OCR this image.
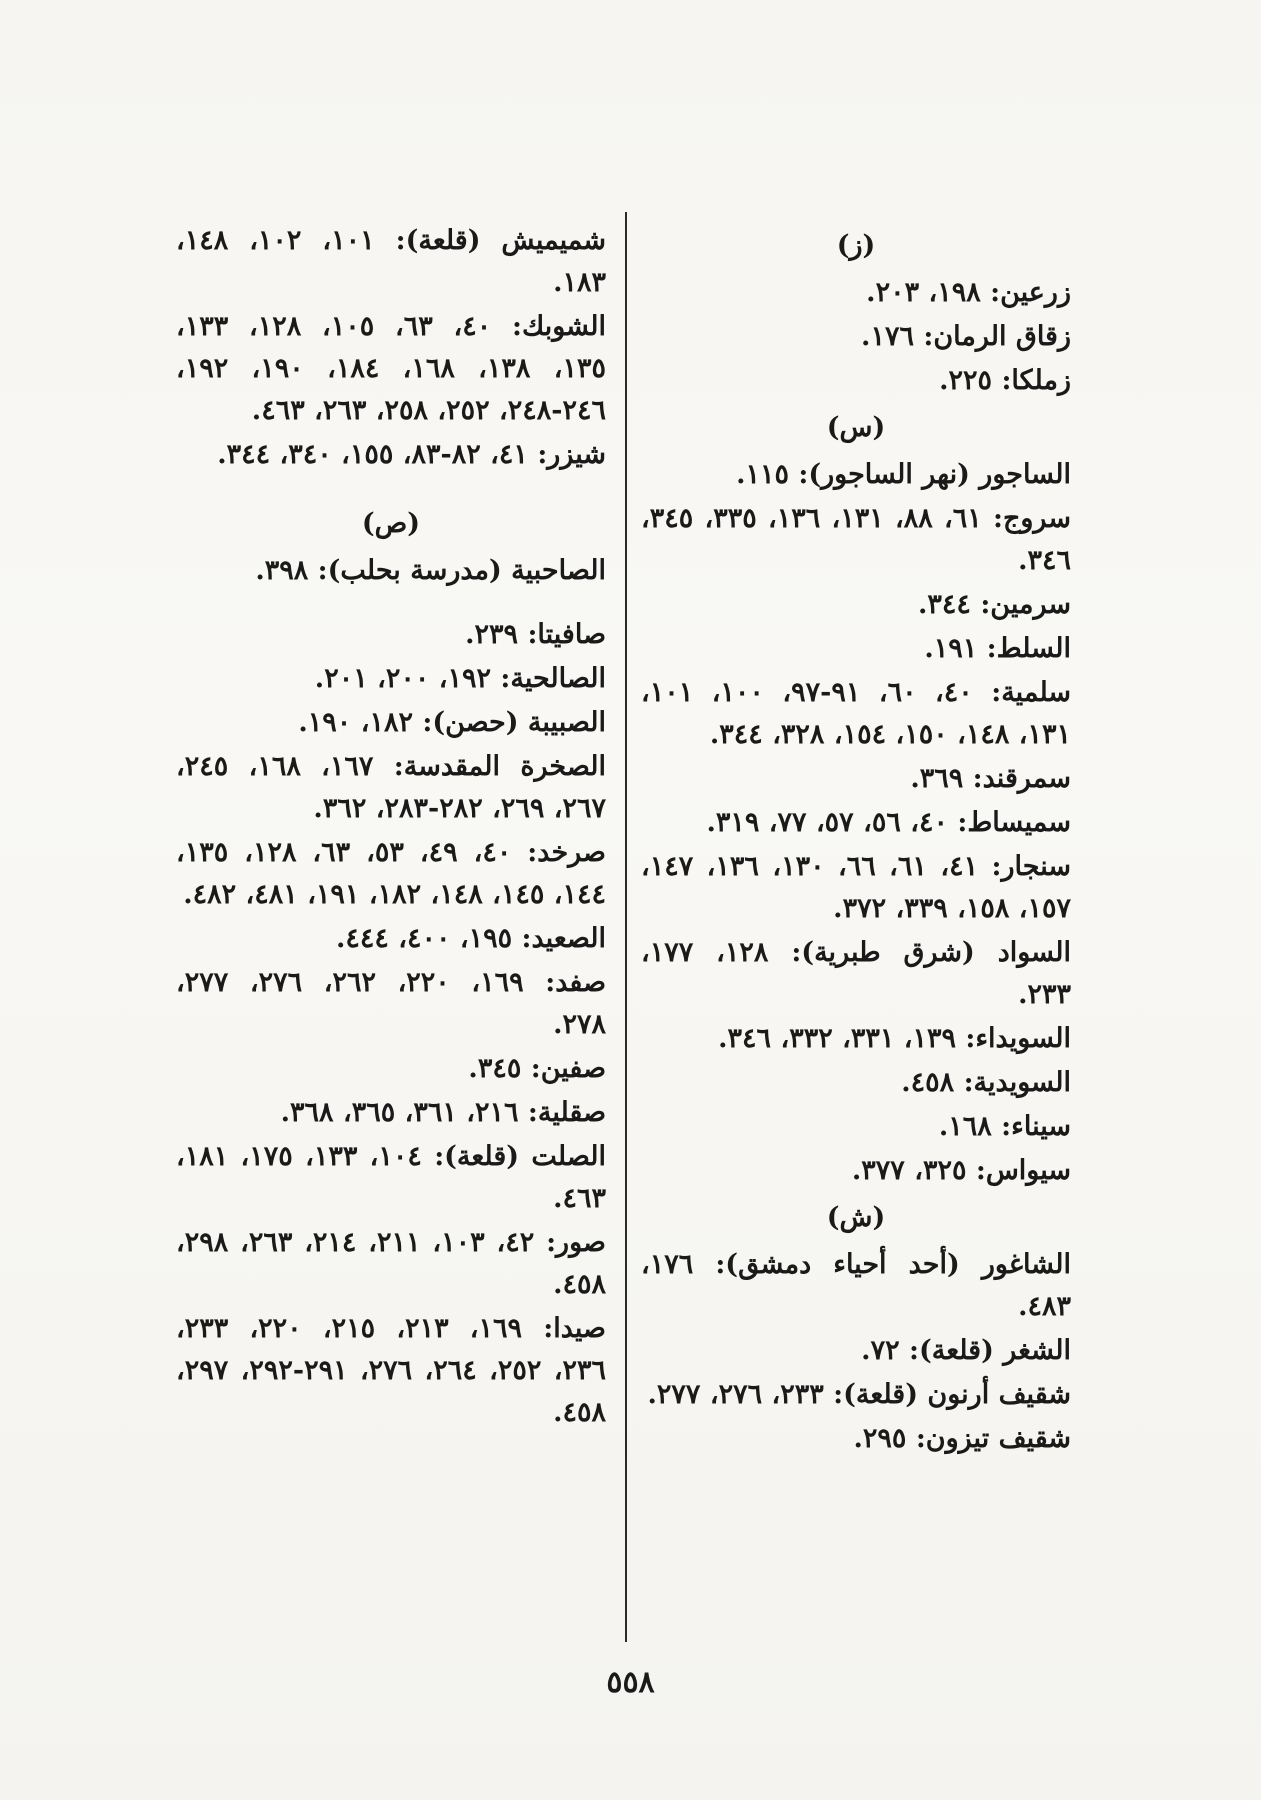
(ز)
زرعين: ١٩٨، ٢٠٣.
زقاق الرمان: ١٧٦.
زملكا: ٢٢٥.
(س)
الساجور (نهر الساجور): ١١٥.
سروج: ٦١، ٨٨، ١٣١، ١٣٦، ٣٣٥، ٣٤٥، ٣٤٦.
سرمين: ٣٤٤.
السلط: ١٩١.
سلمية: ٤٠، ٦٠، ٩١-٩٧، ١٠٠، ١٠١، ١٣١، ١٤٨، ١٥٠، ١٥٤، ٣٢٨، ٣٤٤.
سمرقند: ٣٦٩.
سميساط: ٤٠، ٥٦، ٥٧، ٧٧، ٣١٩.
سنجار: ٤١، ٦١، ٦٦، ١٣٠، ١٣٦، ١٤٧، ١٥٧، ١٥٨، ٣٣٩، ٣٧٢.
السواد (شرق طبرية): ١٢٨، ١٧٧، ٢٣٣.
السويداء: ١٣٩، ٣٣١، ٣٣٢، ٣٤٦.
السويدية: ٤٥٨.
سيناء: ١٦٨.
سيواس: ٣٢٥، ٣٧٧.
(ش)
الشاغور (أحد أحياء دمشق): ١٧٦، ٤٨٣.
الشغر (قلعة): ٧٢.
شقيف أرنون (قلعة): ٢٣٣، ٢٧٦، ٢٧٧.
شقيف تيزون: ٢٩٥.
شميميش (قلعة): ١٠١، ١٠٢، ١٤٨، ١٨٣.
الشوبك: ٤٠، ٦٣، ١٠٥، ١٢٨، ١٣٣، ١٣٥، ١٣٨، ١٦٨، ١٨٤، ١٩٠، ١٩٢، ٢٤٦-٢٤٨، ٢٥٢، ٢٥٨، ٢٦٣، ٤٦٣.
شيزر: ٤١، ٨٢-٨٣، ١٥٥، ٣٤٠، ٣٤٤.
(ص)
الصاحبية (مدرسة بحلب): ٣٩٨.
صافيتا: ٢٣٩.
الصالحية: ١٩٢، ٢٠٠، ٢٠١.
الصبيبة (حصن): ١٨٢، ١٩٠.
الصخرة المقدسة: ١٦٧، ١٦٨، ٢٤٥، ٢٦٧، ٢٦٩، ٢٨٢-٢٨٣، ٣٦٢.
صرخد: ٤٠، ٤٩، ٥٣، ٦٣، ١٢٨، ١٣٥، ١٤٤، ١٤٥، ١٤٨، ١٨٢، ١٩١، ٤٨١، ٤٨٢.
الصعيد: ١٩٥، ٤٠٠، ٤٤٤.
صفد: ١٦٩، ٢٢٠، ٢٦٢، ٢٧٦، ٢٧٧، ٢٧٨.
صفين: ٣٤٥.
صقلية: ٢١٦، ٣٦١، ٣٦٥، ٣٦٨.
الصلت (قلعة): ١٠٤، ١٣٣، ١٧٥، ١٨١، ٤٦٣.
صور: ٤٢، ١٠٣، ٢١١، ٢١٤، ٢٦٣، ٢٩٨، ٤٥٨.
صيدا: ١٦٩، ٢١٣، ٢١٥، ٢٢٠، ٢٣٣، ٢٣٦، ٢٥٢، ٢٦٤، ٢٧٦، ٢٩١-٢٩٢، ٢٩٧، ٤٥٨.
٥٥٨
